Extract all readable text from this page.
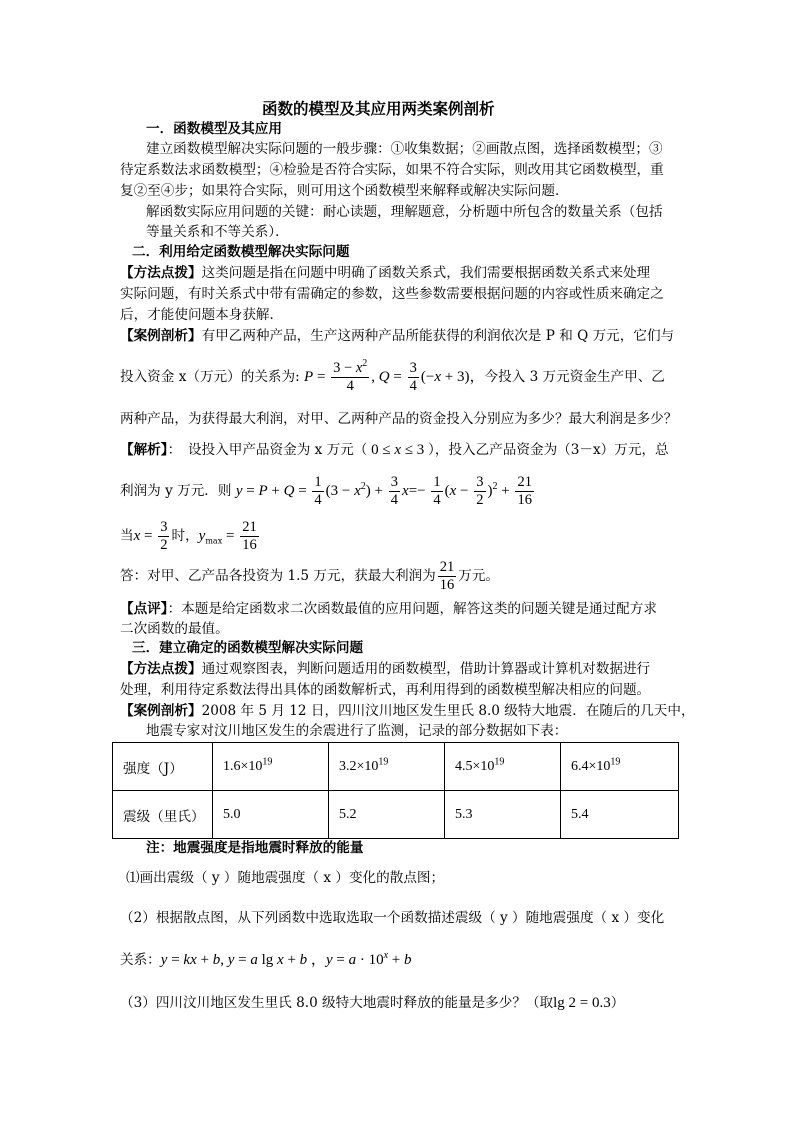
函数的模型及其应用两类案例剖析
一．函数模型及其应用
建立函数模型解决实际问题的一般步骤：①收集数据；②画散点图，选择函数模型；③
待定系数法求函数模型；④检验是否符合实际，如果不符合实际，则改用其它函数模型，重
复②至④步；如果符合实际，则可用这个函数模型来解释或解决实际问题．
解函数实际应用问题的关键：耐心读题，理解题意，分析题中所包含的数量关系（包括
等量关系和不等关系）．
二．利用给定函数模型解决实际问题
【方法点拨】这类问题是指在问题中明确了函数关系式，我们需要根据函数关系式来处理
实际问题，有时关系式中带有需确定的参数，这些参数需要根据问题的内容或性质来确定之
后，才能使问题本身获解．
【案例剖析】有甲乙两种产品，生产这两种产品所能获得的利润依次是 P 和 Q 万元，它们与
投入资金 x（万元）的关系为: $P = \frac{3 - x^2}{4}$ , $Q = \frac{3}{4} (-x + 3)$，今投入 3 万元资金生产甲、乙
两种产品，为获得最大利润，对甲、乙两种产品的资金投入分别应为多少？最大利润是多少？
【解析】：　设投入甲产品资金为 x 万元（ 0 ≤ x ≤ 3 ），投入乙产品资金为（3－x）万元，总
利润为 y 万元．则 $y = P + Q = \frac{1}{4} (3 - x^2) + \frac{3}{4} x=- \frac{1}{4} (x - \frac{3}{2} )^2 + \frac{21}{16}$
当$x = \frac{3}{2}$ 时，$y_{max} = \frac{21}{16}$
答：对甲、乙产品各投资为 1.5 万元，获最大利润为 $\frac{21}{16}$ 万元。
【点评】：本题是给定函数求二次函数最值的应用问题，解答这类的问题关键是通过配方求
二次函数的最值。
三．建立确定的函数模型解决实际问题
【方法点拨】通过观察图表，判断问题适用的函数模型，借助计算器或计算机对数据进行
处理，利用待定系数法得出具体的函数解析式，再利用得到的函数模型解决相应的问题。
【案例剖析】2008 年 5 月 12 日，四川汶川地区发生里氏 8.0 级特大地震．在随后的几天中，
地震专家对汶川地区发生的余震进行了监测，记录的部分数据如下表：
强度（J）	$1.6\times 10^{19}$	$3.2\times 10^{19}$	$4.5\times 10^{19}$	$6.4\times 10^{19}$
震级（里氏）	5.0	5.2	5.3	5.4
注：地震强度是指地震时释放的能量
⑴画出震级（ y ）随地震强度（ x ）变化的散点图；
（2）根据散点图，从下列函数中选取选取一个函数描述震级（ y ）随地震强度（ x ）变化
关系：y = kx + b, y = a lg x + b ，$y = a \cdot 10^x + b$
（3）四川汶川地区发生里氏 8.0 级特大地震时释放的能量是多少？（取lg 2 = 0.3）
